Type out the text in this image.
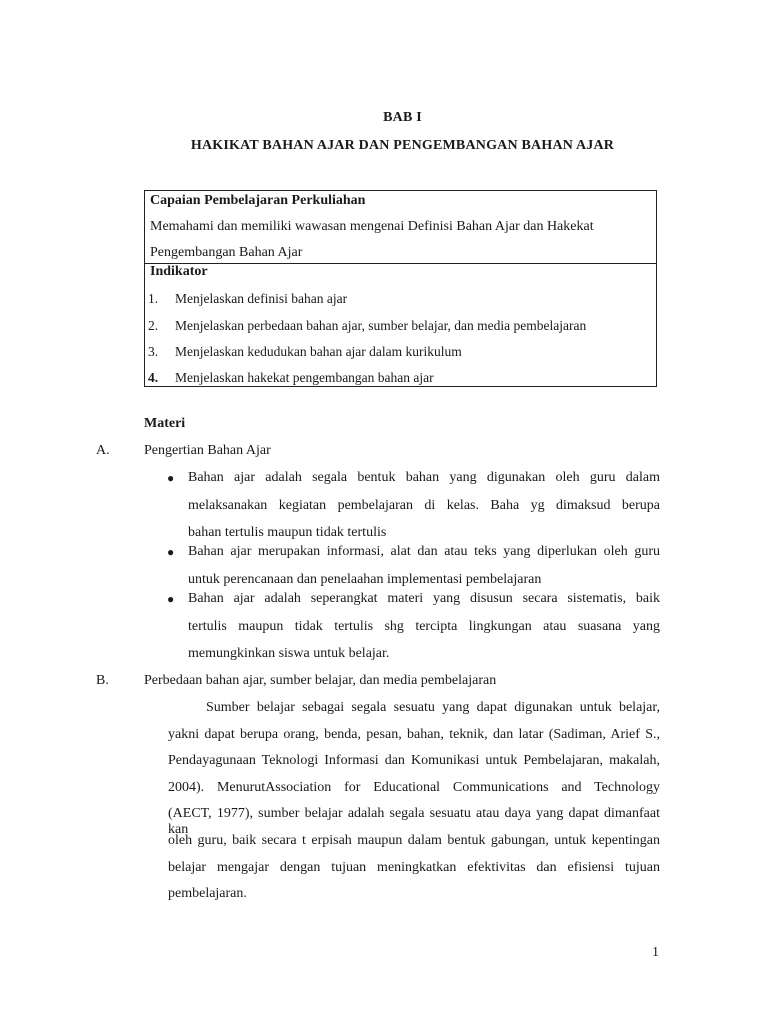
BAB I

HAKIKAT BAHAN AJAR DAN PENGEMBANGAN BAHAN AJAR

Capaian Pembelajaran Perkuliahan
Memahami dan memiliki wawasan mengenai Definisi Bahan Ajar dan Hakekat
Pengembangan Bahan Ajar
Indikator
1.	Menjelaskan definisi bahan ajar
2.	Menjelaskan perbedaan bahan ajar, sumber belajar, dan media pembelajaran
3.	Menjelaskan kedudukan bahan ajar dalam kurikulum
4.	Menjelaskan hakekat pengembangan bahan ajar

Materi

A. Pengertian Bahan Ajar

● Bahan ajar adalah segala bentuk bahan yang digunakan oleh guru dalam
melaksanakan kegiatan pembelajaran di kelas. Baha yg dimaksud berupa
bahan tertulis maupun tidak tertulis
● Bahan ajar merupakan informasi, alat dan atau teks yang diperlukan oleh guru
untuk perencanaan dan penelaahan implementasi pembelajaran
● Bahan ajar adalah seperangkat materi yang disusun secara sistematis, baik
tertulis maupun tidak tertulis shg tercipta lingkungan atau suasana yang
memungkinkan siswa untuk belajar.

B.	Perbedaan bahan ajar, sumber belajar, dan media pembelajaran

Sumber belajar sebagai segala sesuatu yang dapat digunakan untuk belajar,
yakni dapat berupa orang, benda, pesan, bahan, teknik, dan latar (Sadiman, Arief S.,
Pendayagunaan Teknologi Informasi dan Komunikasi untuk Pembelajaran, makalah,
2004). MenurutAssociation for Educational Communications and Technology
(AECT, 1977), sumber belajar adalah segala sesuatu atau daya yang dapat dimanfaat kan
oleh guru, baik secara t erpisah maupun dalam bentuk gabungan, untuk kepentingan
belajar mengajar dengan tujuan meningkatkan efektivitas dan efisiensi tujuan
pembelajaran.

1
